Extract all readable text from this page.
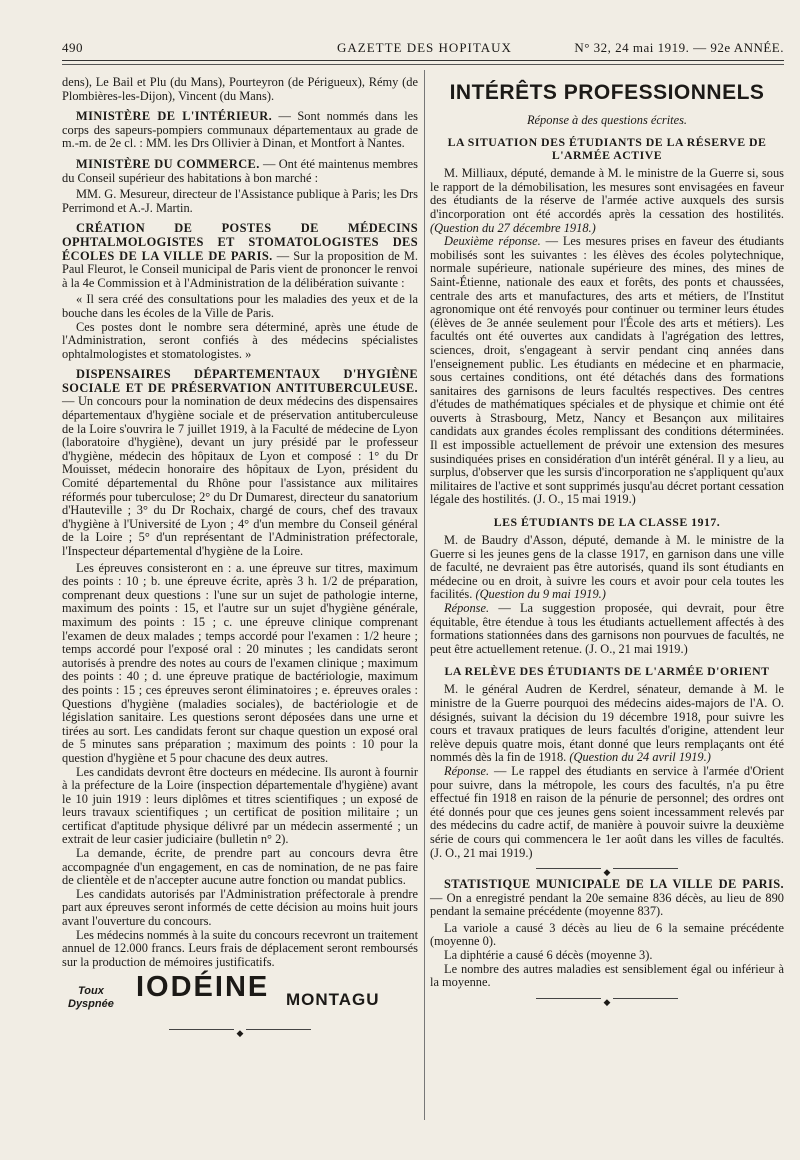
490	GAZETTE DES HOPITAUX	N° 32, 24 mai 1919. — 92e ANNÉE.

dens), Le Bail et Plu (du Mans), Pourteyron (de Périgueux), Rémy (de Plombières-les-Dijon), Vincent (du Mans).

MINISTÈRE DE L'INTÉRIEUR. — Sont nommés dans les corps des sapeurs-pompiers communaux départementaux au grade de m.-m. de 2e cl. : MM. les Drs Ollivier à Dinan, et Montfort à Nantes.

MINISTÈRE DU COMMERCE. — Ont été maintenus membres du Conseil supérieur des habitations à bon marché :

MM. G. Mesureur, directeur de l'Assistance publique à Paris; les Drs Perrimond et A.-J. Martin.

CRÉATION DE POSTES DE MÉDECINS OPHTALMOLOGISTES ET STOMATOLOGISTES DES ÉCOLES DE LA VILLE DE PARIS. — Sur la proposition de M. Paul Fleurot, le Conseil municipal de Paris vient de prononcer le renvoi à la 4e Commission et à l'Administration de la délibération suivante :

« Il sera créé des consultations pour les maladies des yeux et de la bouche dans les écoles de la Ville de Paris.

Ces postes dont le nombre sera déterminé, après une étude de l'Administration, seront confiés à des médecins spécialistes ophtalmologistes et stomatologistes. »

DISPENSAIRES DÉPARTEMENTAUX D'HYGIÈNE SOCIALE ET DE PRÉSERVATION ANTITUBERCULEUSE. — Un concours pour la nomination de deux médecins des dispensaires départementaux d'hygiène sociale et de préservation antituberculeuse de la Loire s'ouvrira le 7 juillet 1919, à la Faculté de médecine de Lyon (laboratoire d'hygiène), devant un jury présidé par le professeur d'hygiène, médecin des hôpitaux de Lyon et composé : 1° du Dr Mouisset, médecin honoraire des hôpitaux de Lyon, président du Comité départemental du Rhône pour l'assistance aux militaires réformés pour tuberculose; 2° du Dr Dumarest, directeur du sanatorium d'Hauteville ; 3° du Dr Rochaix, chargé de cours, chef des travaux d'hygiène à l'Université de Lyon ; 4° d'un membre du Conseil général de la Loire ; 5° d'un représentant de l'Administration préfectorale, l'Inspecteur départemental d'hygiène de la Loire.

Les épreuves consisteront en : a. une épreuve sur titres, maximum des points : 10 ; b. une épreuve écrite, après 3 h. 1/2 de préparation, comprenant deux questions : l'une sur un sujet de pathologie interne, maximum des points : 15, et l'autre sur un sujet d'hygiène générale, maximum des points : 15 ; c. une épreuve clinique comprenant l'examen de deux malades ; temps accordé pour l'examen : 1/2 heure ; temps accordé pour l'exposé oral : 20 minutes ; les candidats seront autorisés à prendre des notes au cours de l'examen clinique ; maximum des points : 40 ; d. une épreuve pratique de bactériologie, maximum des points : 15 ; ces épreuves seront éliminatoires ; e. épreuves orales : Questions d'hygiène (maladies sociales), de bactériologie et de législation sanitaire. Les questions seront déposées dans une urne et tirées au sort. Les candidats feront sur chaque question un exposé oral de 5 minutes sans préparation ; maximum des points : 10 pour la question d'hygiène et 5 pour chacune des deux autres.

Les candidats devront être docteurs en médecine. Ils auront à fournir à la préfecture de la Loire (inspection départementale d'hygiène) avant le 10 juin 1919 : leurs diplômes et titres scientifiques ; un exposé de leurs travaux scientifiques ; un certificat de position militaire ; un certificat d'aptitude physique délivré par un médecin assermenté ; un extrait de leur casier judiciaire (bulletin n° 2).

La demande, écrite, de prendre part au concours devra être accompagnée d'un engagement, en cas de nomination, de ne pas faire de clientèle et de n'accepter aucune autre fonction ou mandat publics.

Les candidats autorisés par l'Administration préfectorale à prendre part aux épreuves seront informés de cette décision au moins huit jours avant l'ouverture du concours.

Les médecins nommés à la suite du concours recevront un traitement annuel de 12.000 francs. Leurs frais de déplacement seront remboursés sur la production de mémoires justificatifs.

Toux
Dyspnée
IODÉINE MONTAGU
◆
INTÉRÊTS PROFESSIONNELS
Réponse à des questions écrites.
LA SITUATION DES ÉTUDIANTS DE LA RÉSERVE DE L'ARMÉE ACTIVE

M. Milliaux, député, demande à M. le ministre de la Guerre si, sous le rapport de la démobilisation, les mesures sont envisagées en faveur des étudiants de la réserve de l'armée active auxquels des sursis d'incorporation ont été accordés après la cessation des hostilités. (Question du 27 décembre 1918.)

Deuxième réponse. — Les mesures prises en faveur des étudiants mobilisés sont les suivantes : les élèves des écoles polytechnique, normale supérieure, nationale supérieure des mines, des mines de Saint-Étienne, nationale des eaux et forêts, des ponts et chaussées, centrale des arts et manufactures, des arts et métiers, de l'Institut agronomique ont été renvoyés pour continuer ou terminer leurs études (élèves de 3e année seulement pour l'École des arts et métiers). Les facultés ont été ouvertes aux candidats à l'agrégation des lettres, sciences, droit, s'engageant à servir pendant cinq années dans l'enseignement public. Les étudiants en médecine et en pharmacie, sous certaines conditions, ont été détachés dans des formations sanitaires des garnisons de leurs facultés respectives. Des centres d'études de mathématiques spéciales et de physique et chimie ont été ouverts à Strasbourg, Metz, Nancy et Besançon aux militaires candidats aux grandes écoles remplissant des conditions déterminées. Il est impossible actuellement de prévoir une extension des mesures susindiquées prises en considération d'un intérêt général. Il y a lieu, au surplus, d'observer que les sursis d'incorporation ne s'appliquent qu'aux militaires de l'active et sont supprimés jusqu'au décret portant cessation légale des hostilités. (J. O., 15 mai 1919.)

LES ÉTUDIANTS DE LA CLASSE 1917.

M. de Baudry d'Asson, député, demande à M. le ministre de la Guerre si les jeunes gens de la classe 1917, en garnison dans une ville de faculté, ne devraient pas être autorisés, quand ils sont étudiants en médecine ou en droit, à suivre les cours et avoir pour cela toutes les facilités. (Question du 9 mai 1919.)

Réponse. — La suggestion proposée, qui devrait, pour être équitable, être étendue à tous les étudiants actuellement affectés à des formations stationnées dans des garnisons non pourvues de facultés, ne peut être actuellement retenue. (J. O., 21 mai 1919.)

LA RELÈVE DES ÉTUDIANTS DE L'ARMÉE D'ORIENT

M. le général Audren de Kerdrel, sénateur, demande à M. le ministre de la Guerre pourquoi des médecins aides-majors de l'A. O. désignés, suivant la décision du 19 décembre 1918, pour suivre les cours et travaux pratiques de leurs facultés d'origine, attendent leur relève depuis quatre mois, étant donné que leurs remplaçants ont été nommés dès la fin de 1918. (Question du 24 avril 1919.)

Réponse. — Le rappel des étudiants en service à l'armée d'Orient pour suivre, dans la métropole, les cours des facultés, n'a pu être effectué fin 1918 en raison de la pénurie de personnel; des ordres ont été donnés pour que ces jeunes gens soient incessamment relevés par des médecins du cadre actif, de manière à pouvoir suivre la deuxième série de cours qui commencera le 1er août dans les villes de facultés. (J. O., 21 mai 1919.)

◆

STATISTIQUE MUNICIPALE DE LA VILLE DE PARIS. — On a enregistré pendant la 20e semaine 836 décès, au lieu de 890 pendant la semaine précédente (moyenne 837).

La variole a causé 3 décès au lieu de 6 la semaine précédente (moyenne 0).

La diphtérie a causé 6 décès (moyenne 3).

Le nombre des autres maladies est sensiblement égal ou inférieur à la moyenne.

◆
